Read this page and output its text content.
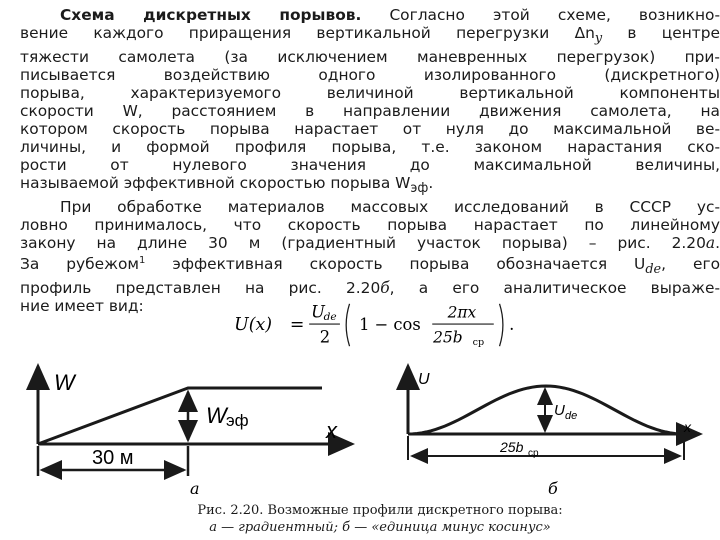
Схема дискретных порывов. Согласно этой схеме, возникно-
вение каждого приращения вертикальной перегрузки $\Delta n_y$ в центре
тяжести самолета (за исключением маневренных перегрузок) при-
писывается воздействию одного изолированного (дискретного)
порыва, характеризуемого величиной вертикальной компоненты
скорости W, расстоянием в направлении движения самолета, на
котором скорость порыва нарастает от нуля до максимальной ве-
личины, и формой профиля порыва, т.е. законом нарастания ско-
рости от нулевого значения до максимальной величины,
называемой эффективной скоростью порыва $W_{эф}$.
При обработке материалов массовых исследований в СССР ус-
ловно принималось, что скорость порыва нарастает по линейному
закону на длине 30 м (градиентный участок порыва) – рис. 2.20а.
За рубежом$^1$ эффективная скорость порыва обозначается $U_{de}$, его
профиль представлен на рис. 2.20б, а его аналитическое выраже-
ние имеет вид:
U(x) =
U
de
2
1 − cos
2πx
25b ср
.
W
x
W эф
30 м
а
U
x
U de
25b ср
б
Рис. 2.20. Возможные профили дискретного порыва:
а — градиентный; б — «единица минус косинус»
